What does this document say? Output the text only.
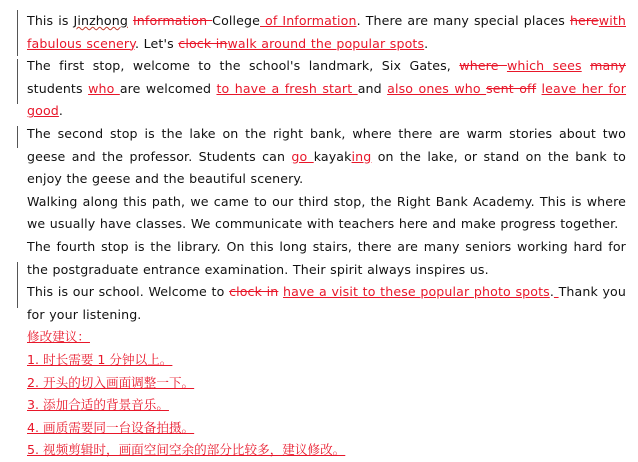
This is Jinzhong Information College of Information. There are many special places herewith fabulous scenery. Let's clock inwalk around the popular spots.

The first stop, welcome to the school's landmark, Six Gates, where which sees many students who are welcomed to have a fresh start and also ones who sent off leave her for good.

The second stop is the lake on the right bank, where there are warm stories about two geese and the professor. Students can go kayaking on the lake, or stand on the bank to enjoy the geese and the beautiful scenery.

Walking along this path, we came to our third stop, the Right Bank Academy. This is where we usually have classes. We communicate with teachers here and make progress together.

The fourth stop is the library. On this long stairs, there are many seniors working hard for the postgraduate entrance examination. Their spirit always inspires us.

This is our school. Welcome to clock in have a visit to these popular photo spots. Thank you for your listening.

修改建议：

1. 时长需要 1 分钟以上。

2. 开头的切入画面调整一下。

3. 添加合适的背景音乐。

4. 画质需要同一台设备拍摄。

5. 视频剪辑时，画面空间空余的部分比较多，建议修改。
